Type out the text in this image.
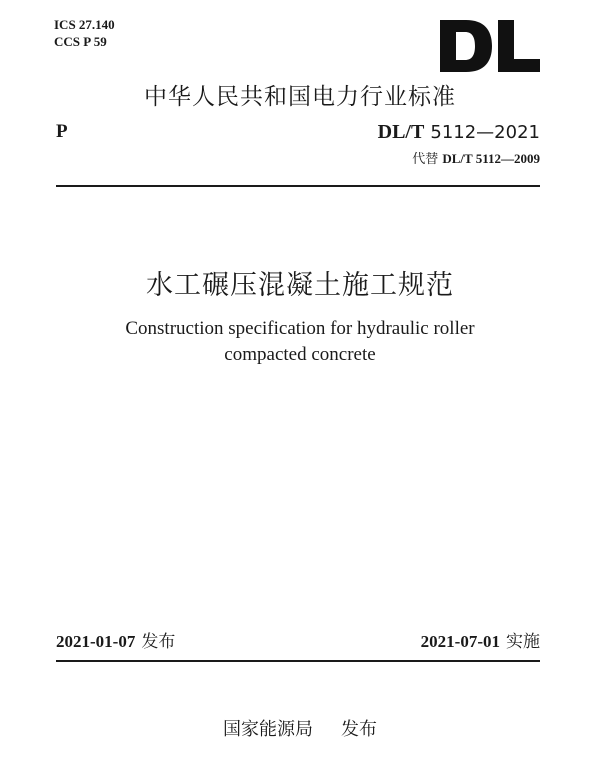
ICS 27.140
CCS P 59
中华人民共和国电力行业标准
P	DL/T 5112—2021
代替 DL/T 5112—2009
水工碾压混凝土施工规范
Construction specification for hydraulic roller
compacted concrete
2021-01-07 发布	2021-07-01 实施
国家能源局 发布
